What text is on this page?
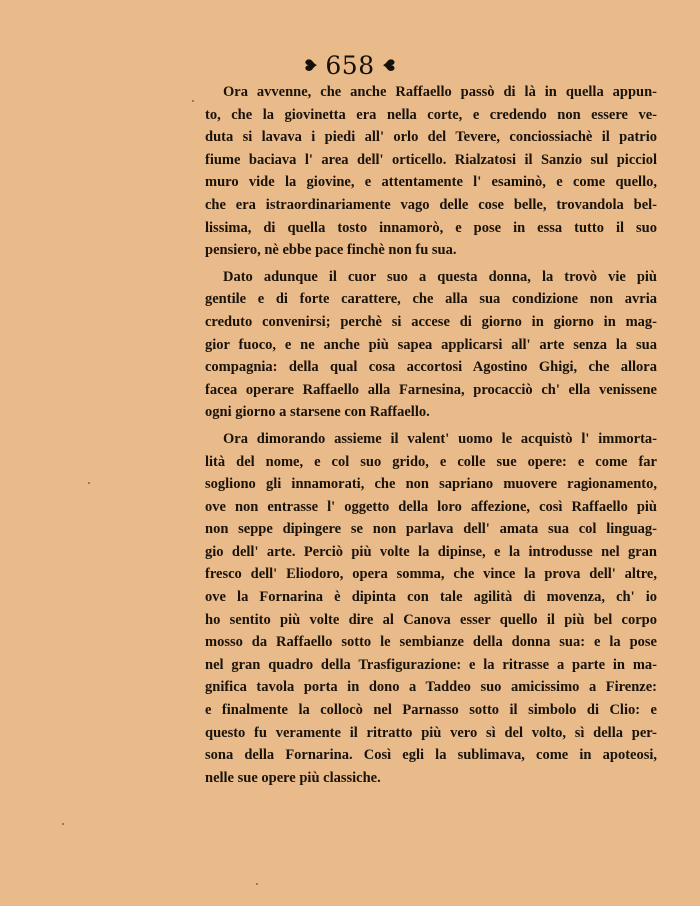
❥ 658 ❥
Ora avvenne, che anche Raffaello passò di là in quella appun-
to, che la giovinetta era nella corte, e credendo non essere ve-
duta si lavava i piedi all' orlo del Tevere, conciossiachè il patrio
fiume baciava l' area dell' orticello. Rialzatosi il Sanzio sul picciol
muro vide la giovine, e attentamente l' esaminò, e come quello,
che era istraordinariamente vago delle cose belle, trovandola bel-
lissima, di quella tosto innamorò, e pose in essa tutto il suo
pensiero, nè ebbe pace finchè non fu sua.
Dato adunque il cuor suo a questa donna, la trovò vie più
gentile e di forte carattere, che alla sua condizione non avria
creduto convenirsi; perchè si accese di giorno in giorno in mag-
gior fuoco, e ne anche più sapea applicarsi all' arte senza la sua
compagnia: della qual cosa accortosi Agostino Ghigi, che allora
facea operare Raffaello alla Farnesina, procacciò ch' ella venissene
ogni giorno a starsene con Raffaello.
Ora dimorando assieme il valent' uomo le acquistò l' immorta-
lità del nome, e col suo grido, e colle sue opere: e come far
sogliono gli innamorati, che non sapriano muovere ragionamento,
ove non entrasse l' oggetto della loro affezione, così Raffaello più
non seppe dipingere se non parlava dell' amata sua col linguag-
gio dell' arte. Perciò più volte la dipinse, e la introdusse nel gran
fresco dell' Eliodoro, opera somma, che vince la prova dell' altre,
ove la Fornarina è dipinta con tale agilità di movenza, ch' io
ho sentito più volte dire al Canova esser quello il più bel corpo
mosso da Raffaello sotto le sembianze della donna sua: e la pose
nel gran quadro della Trasfigurazione: e la ritrasse a parte in ma-
gnifica tavola porta in dono a Taddeo suo amicissimo a Firenze:
e finalmente la collocò nel Parnasso sotto il simbolo di Clio: e
questo fu veramente il ritratto più vero sì del volto, sì della per-
sona della Fornarina. Così egli la sublimava, come in apoteosi,
nelle sue opere più classiche.
